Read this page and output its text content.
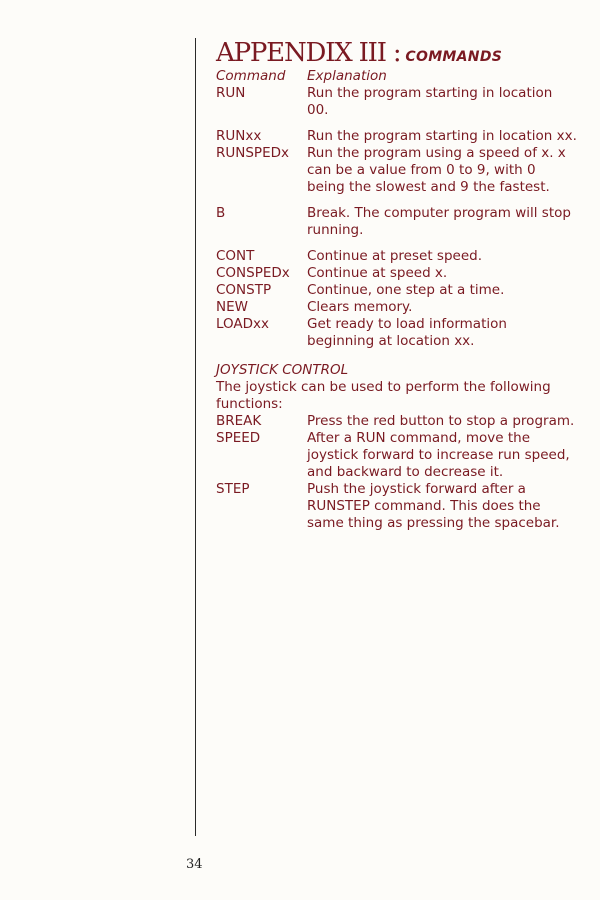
APPENDIX III : COMMANDS
Command	Explanation
RUN	Run the program starting in location 00.
RUNxx	Run the program starting in location xx.
RUNSPEDx	Run the program using a speed of x. x can be a value from 0 to 9, with 0 being the slowest and 9 the fastest.
B	Break. The computer program will stop running.
CONT	Continue at preset speed.
CONSPEDx	Continue at speed x.
CONSTP	Continue, one step at a time.
NEW	Clears memory.
LOADxx	Get ready to load information beginning at location xx.
JOYSTICK CONTROL
The joystick can be used to perform the following functions:
BREAK	Press the red button to stop a program.
SPEED	After a RUN command, move the joystick forward to increase run speed, and backward to decrease it.
STEP	Push the joystick forward after a RUNSTEP command. This does the same thing as pressing the spacebar.
34
